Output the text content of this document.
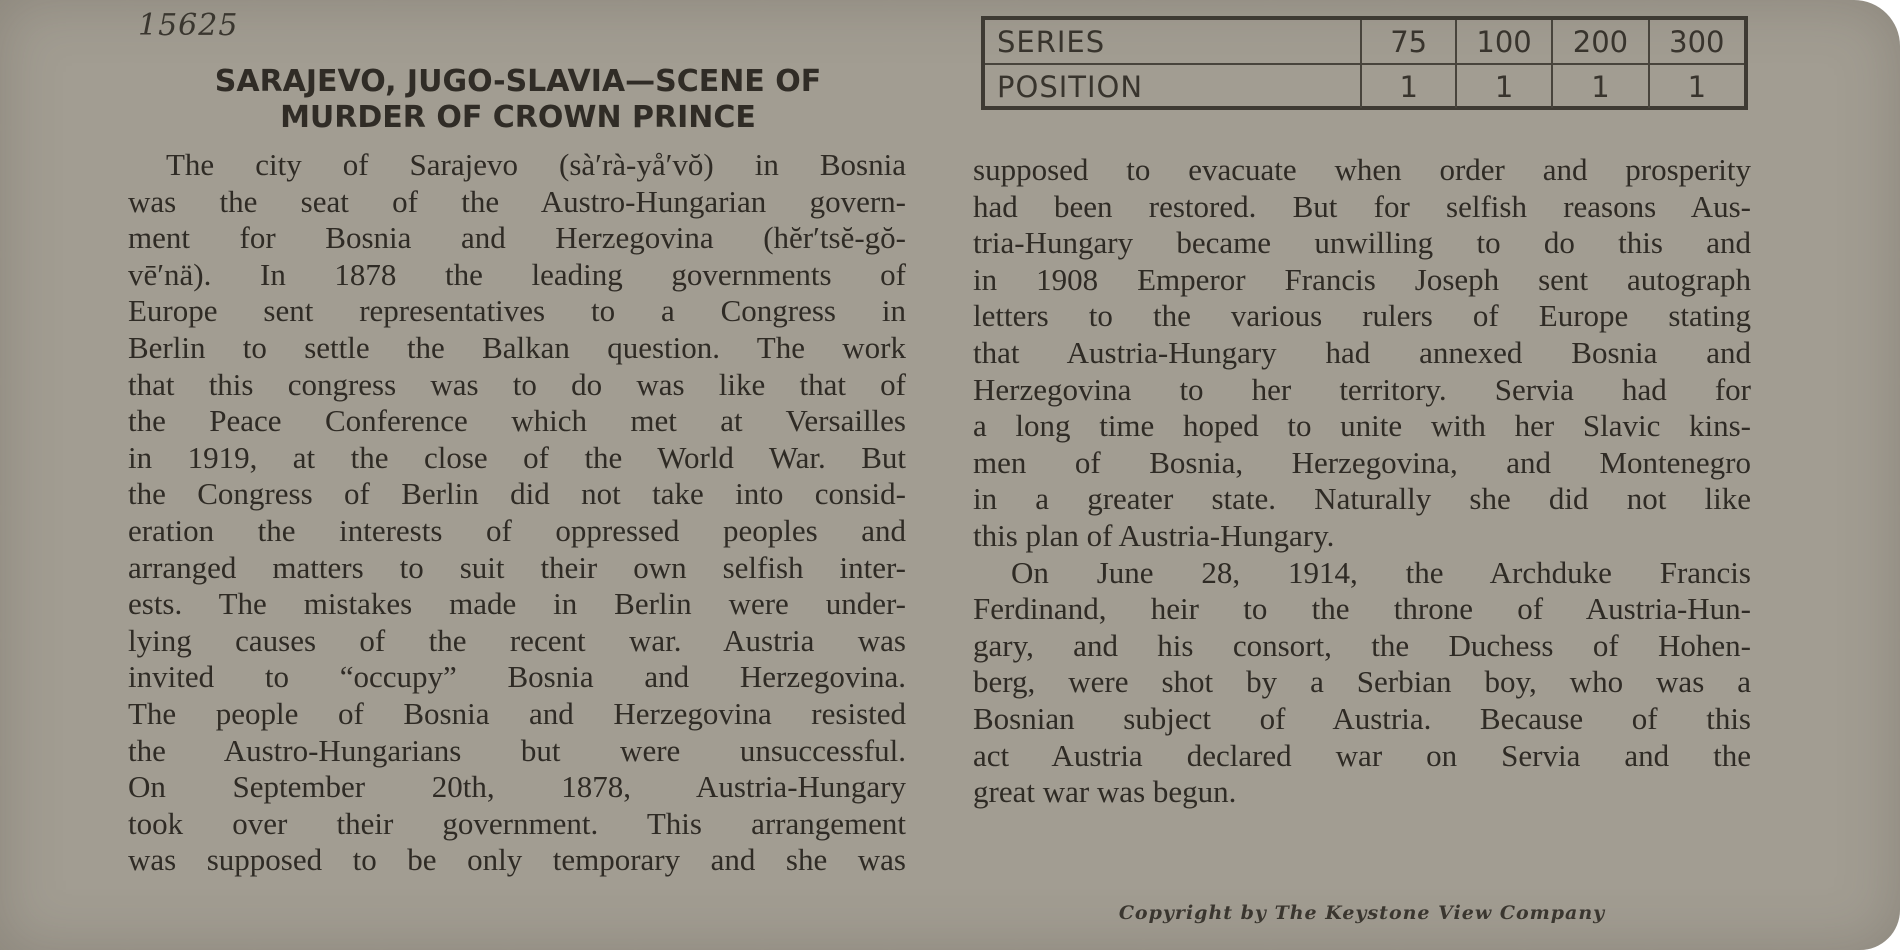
15625
SARAJEVO, JUGO-SLAVIA—SCENE OF
MURDER OF CROWN PRINCE
SERIES	75	100	200	300
POSITION	1	1	1	1
The city of Sarajevo (sà′rà-yå′vŏ) in Bosnia
was the seat of the Austro-Hungarian govern-
ment for Bosnia and Herzegovina (hĕr′tsĕ-gŏ-
vē′nä). In 1878 the leading governments of
Europe sent representatives to a Congress in
Berlin to settle the Balkan question. The work
that this congress was to do was like that of
the Peace Conference which met at Versailles
in 1919, at the close of the World War. But
the Congress of Berlin did not take into consid-
eration the interests of oppressed peoples and
arranged matters to suit their own selfish inter-
ests. The mistakes made in Berlin were under-
lying causes of the recent war. Austria was
invited to “occupy” Bosnia and Herzegovina.
The people of Bosnia and Herzegovina resisted
the Austro-Hungarians but were unsuccessful.
On September 20th, 1878, Austria-Hungary
took over their government. This arrangement
was supposed to be only temporary and she was
supposed to evacuate when order and prosperity
had been restored. But for selfish reasons Aus-
tria-Hungary became unwilling to do this and
in 1908 Emperor Francis Joseph sent autograph
letters to the various rulers of Europe stating
that Austria-Hungary had annexed Bosnia and
Herzegovina to her territory. Servia had for
a long time hoped to unite with her Slavic kins-
men of Bosnia, Herzegovina, and Montenegro
in a greater state. Naturally she did not like
this plan of Austria-Hungary.
On June 28, 1914, the Archduke Francis
Ferdinand, heir to the throne of Austria-Hun-
gary, and his consort, the Duchess of Hohen-
berg, were shot by a Serbian boy, who was a
Bosnian subject of Austria. Because of this
act Austria declared war on Servia and the
great war was begun.
Copyright by The Keystone View Company
